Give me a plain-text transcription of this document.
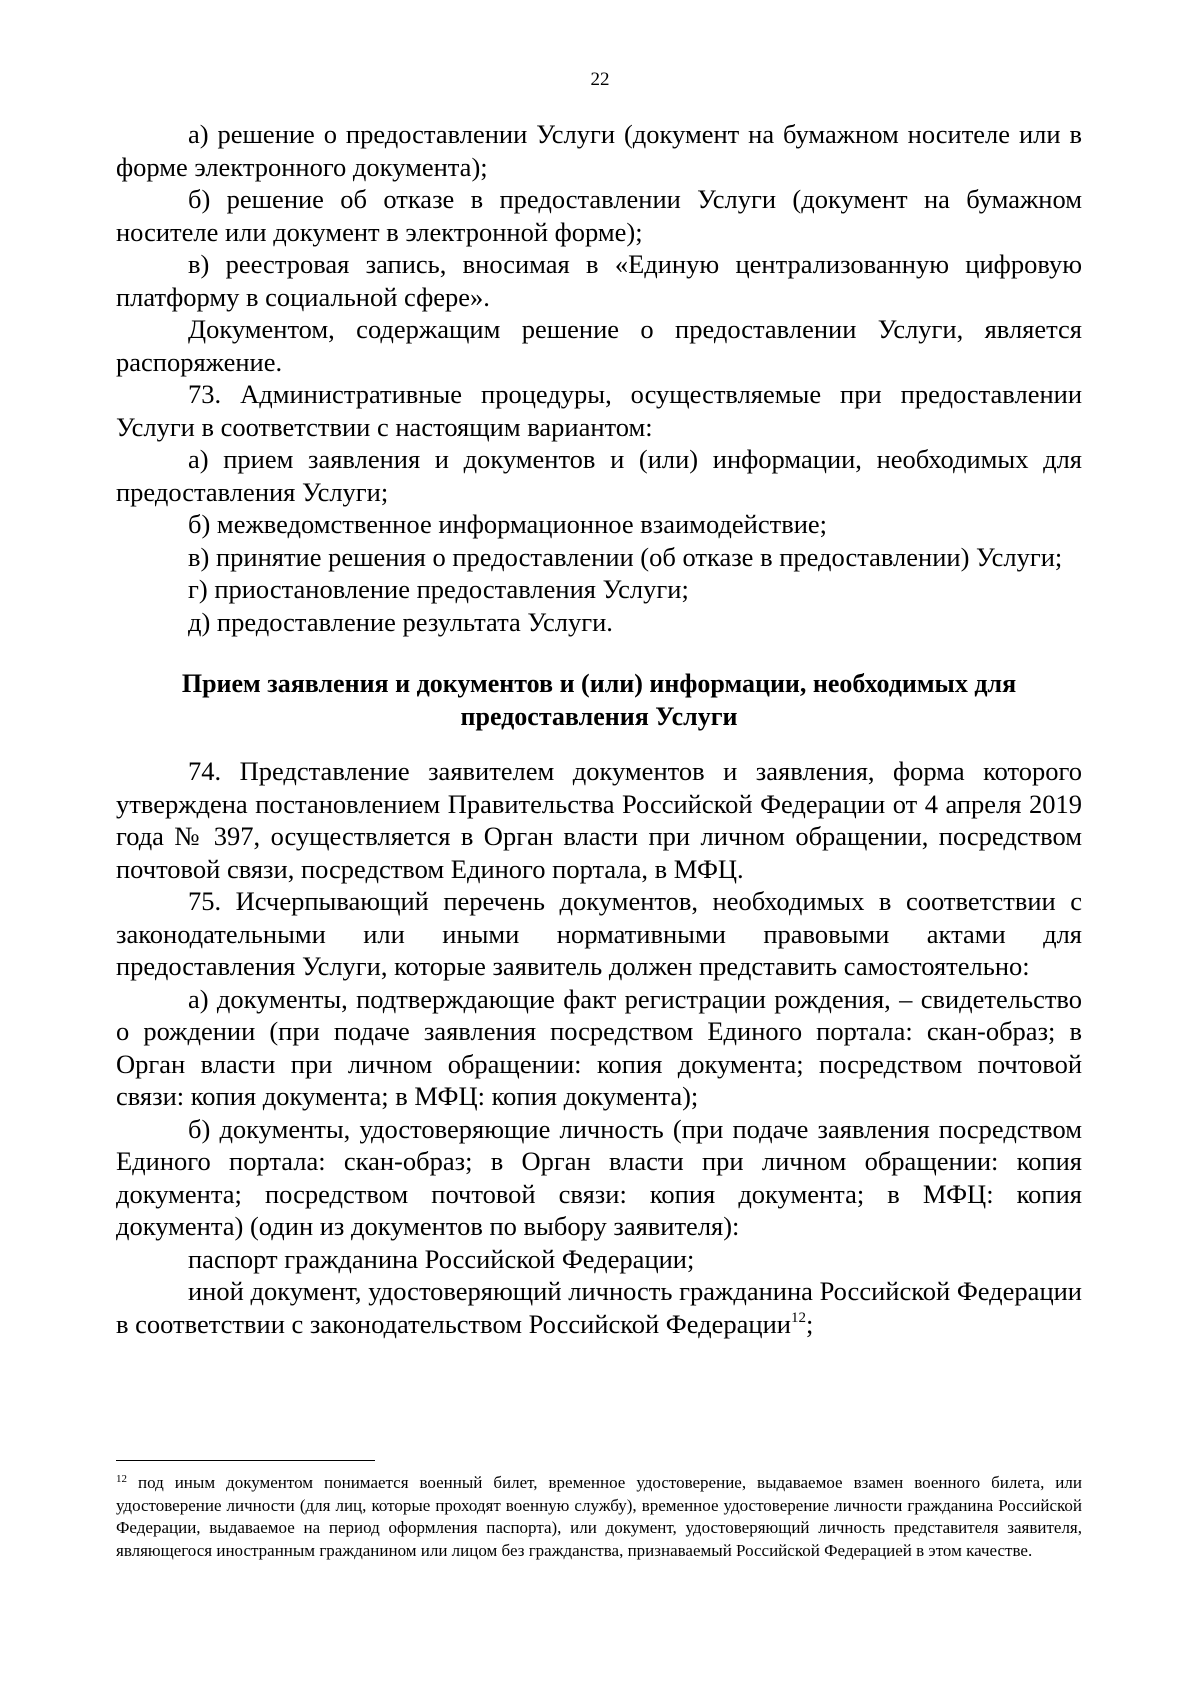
22

а) решение о предоставлении Услуги (документ на бумажном носителе или в форме электронного документа);

б) решение об отказе в предоставлении Услуги (документ на бумажном носителе или документ в электронной форме);

в) реестровая запись, вносимая в «Единую централизованную цифровую платформу в социальной сфере».

Документом, содержащим решение о предоставлении Услуги, является распоряжение.

73. Административные процедуры, осуществляемые при предоставлении Услуги в соответствии с настоящим вариантом:

а) прием заявления и документов и (или) информации, необходимых для предоставления Услуги;

б) межведомственное информационное взаимодействие;

в) принятие решения о предоставлении (об отказе в предоставлении) Услуги;

г) приостановление предоставления Услуги;

д) предоставление результата Услуги.

Прием заявления и документов и (или) информации, необходимых для
предоставления Услуги

74. Представление заявителем документов и заявления, форма которого утверждена постановлением Правительства Российской Федерации от 4 апреля 2019 года № 397, осуществляется в Орган власти при личном обращении, посредством почтовой связи, посредством Единого портала, в МФЦ.

75. Исчерпывающий перечень документов, необходимых в соответствии с законодательными или иными нормативными правовыми актами для предоставления Услуги, которые заявитель должен представить самостоятельно:

а) документы, подтверждающие факт регистрации рождения, – свидетельство о рождении (при подаче заявления посредством Единого портала: скан-образ; в Орган власти при личном обращении: копия документа; посредством почтовой связи: копия документа; в МФЦ: копия документа);

б) документы, удостоверяющие личность (при подаче заявления посредством Единого портала: скан-образ; в Орган власти при личном обращении: копия документа; посредством почтовой связи: копия документа; в МФЦ: копия документа) (один из документов по выбору заявителя):

паспорт гражданина Российской Федерации;

иной документ, удостоверяющий личность гражданина Российской Федерации в соответствии с законодательством Российской Федерации$^{12}$;

$^{12}$ под иным документом понимается военный билет, временное удостоверение, выдаваемое взамен военного билета, или удостоверение личности (для лиц, которые проходят военную службу), временное удостоверение личности гражданина Российской Федерации, выдаваемое на период оформления паспорта), или документ, удостоверяющий личность представителя заявителя, являющегося иностранным гражданином или лицом без гражданства, признаваемый Российской Федерацией в этом качестве.
